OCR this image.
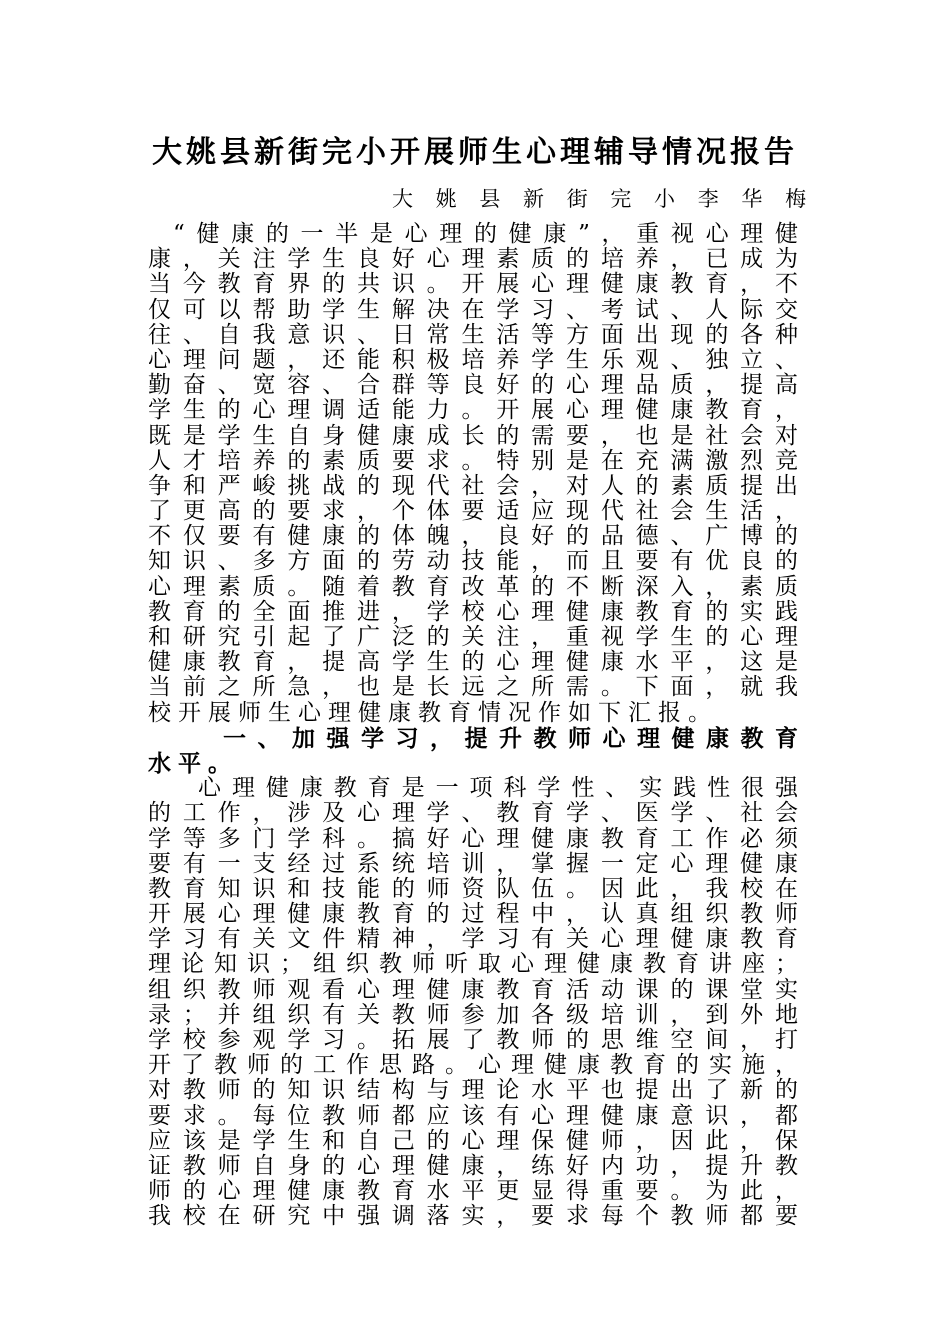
大姚县新街完小开展师生心理辅导情况报告
大 姚 县 新 街 完 小 李 华 梅
“健康的一半是心理的健康”，重视心理健
康，关注学生良好心理素质的培养，已成为
当今教育界的共识。开展心理健康教育，不
仅可以帮助学生解决在学习、考试、人际交
往、自我意识、日常生活等方面出现的各种
心理问题，还能积极培养学生乐观、独立、
勤奋、宽容、合群等良好的心理品质，提高
学生的心理调适能力。开展心理健康教育，
既是学生自身健康成长的需要，也是社会对
人才培养的素质要求。特别是在充满激烈竞
争和严峻挑战的现代社会，对人的素质提出
了更高的要求，个体要适应现代社会生活，
不仅要有健康的体魄，良好的品德、广博的
知识、多方面的劳动技能，而且要有优良的
心理素质。随着教育改革的不断深入，素质
教育的全面推进，学校心理健康教育的实践
和研究引起了广泛的关注，重视学生的心理
健康教育，提高学生的心理健康水平，这是
当前之所急，也是长远之所需。下面，就我
校开展师生心理健康教育情况作如下汇报。
一、加强学习，提升教师心理健康教育
水平。
心理健康教育是一项科学性、实践性很强
的工作，涉及心理学、教育学、医学、社会
学等多门学科。搞好心理健康教育工作必须
要有一支经过系统培训，掌握一定心理健康
教育知识和技能的师资队伍。因此，我校在
开展心理健康教育的过程中，认真组织教师
学习有关文件精神，学习有关心理健康教育
理论知识；组织教师听取心理健康教育讲座；
组织教师观看心理健康教育活动课的课堂实
录；并组织有关教师参加各级培训，到外地
学校参观学习。拓展了教师的思维空间，打
开了教师的工作思路。心理健康教育的实施，
对教师的知识结构与理论水平也提出了新的
要求。每位教师都应该有心理健康意识，都
应该是学生和自己的心理保健师，因此，保
证教师自身的心理健康，练好内功，提升教
师的心理健康教育水平更显得重要。为此，
我校在研究中强调落实，要求每个教师都要
